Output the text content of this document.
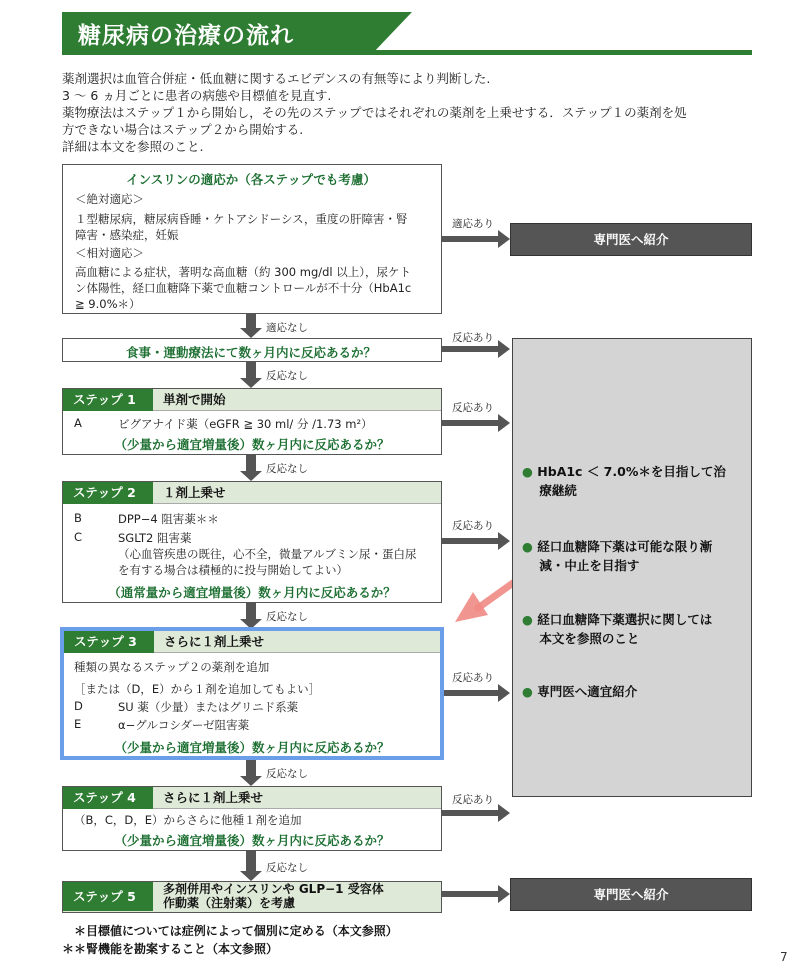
糖尿病の治療の流れ
薬剤選択は血管合併症・低血糖に関するエビデンスの有無等により判断した.
3 ～ 6 ヵ月ごとに患者の病態や目標値を見直す.
薬物療法はステップ１から開始し，その先のステップではそれぞれの薬剤を上乗せする．ステップ１の薬剤を処
方できない場合はステップ２から開始する.
詳細は本文を参照のこと.
インスリンの適応か（各ステップでも考慮）
＜絶対適応＞
１型糖尿病，糖尿病昏睡・ケトアシドーシス，重度の肝障害・腎
障害・感染症，妊娠
＜相対適応＞
高血糖による症状，著明な高血糖（約 300 mg/dl 以上），尿ケト
ン体陽性，経口血糖降下薬で血糖コントロールが不十分（HbA1c
≧ 9.0%＊）
専門医へ紹介
適応あり
適応なし
反応あり
食事・運動療法にて数ヶ月内に反応あるか？
● HbA1c ＜ 7.0%＊を目指して治
療継続
● 経口血糖降下薬は可能な限り漸
減・中止を目指す
● 経口血糖降下薬選択に関しては
本文を参照のこと
● 専門医へ適宜紹介
反応なし
反応あり
ステップ 1	単剤で開始
A	ビグアナイド薬（eGFR ≧ 30 ml/ 分 /1.73 m²）
（少量から適宜増量後）数ヶ月内に反応あるか？
反応なし
反応あり
ステップ 2	１剤上乗せ
B	DPP−4 阻害薬＊＊
C	SGLT2 阻害薬
（心血管疾患の既往，心不全，微量アルブミン尿・蛋白尿
を有する場合は積極的に投与開始してよい）
（通常量から適宜増量後）数ヶ月内に反応あるか？
反応なし
反応あり
ステップ 3	さらに１剤上乗せ
種類の異なるステップ２の薬剤を追加
［または（D，E）から１剤を追加してもよい］
D	SU 薬（少量）またはグリニド系薬
E	α−グルコシダーゼ阻害薬
（少量から適宜増量後）数ヶ月内に反応あるか？
反応なし
反応あり
ステップ 4	さらに１剤上乗せ
（B，C，D，E）からさらに他種１剤を追加
（少量から適宜増量後）数ヶ月内に反応あるか？
反応なし
ステップ 5	多剤併用やインスリンや GLP−1 受容体
作動薬（注射薬）を考慮
専門医へ紹介
＊目標値については症例によって個別に定める（本文参照）
＊＊腎機能を勘案すること（本文参照）
7
